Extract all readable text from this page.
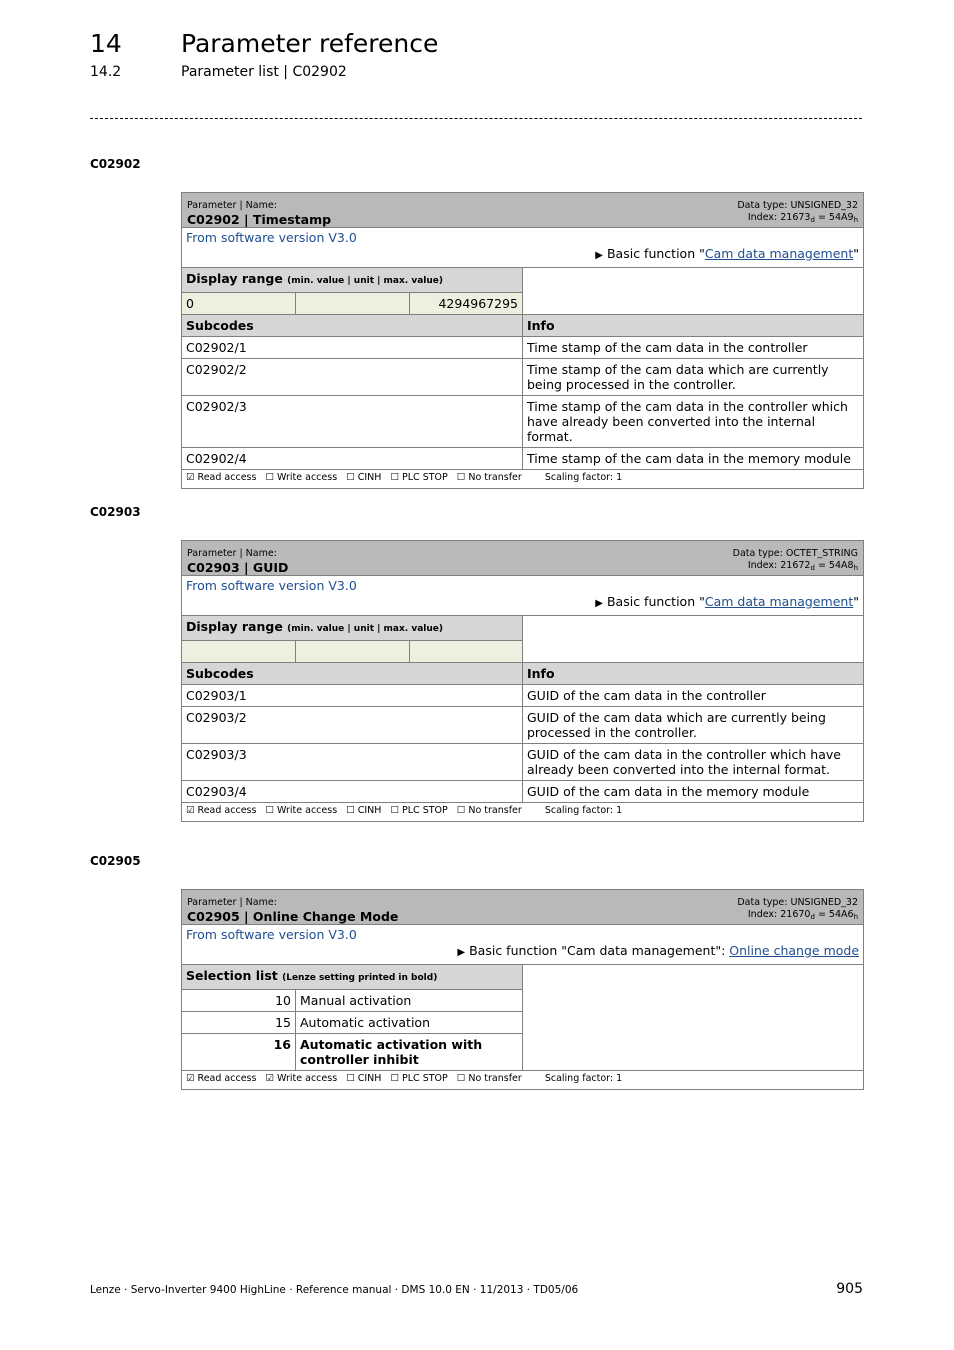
14 Parameter reference
14.2	Parameter list | C02902
C02902
Parameter | Name:
C02902 | Timestamp
Data type: UNSIGNED_32
Index: $21673_d = 54A9_h$

From software version V3.0
▶ Basic function "Cam data management"			

Display range (min. value | unit | max. value)			
0		4294967295	
Subcodes			Info
C02902/1			Time stamp of the cam data in the controller
C02902/2			Time stamp of the cam data which are currently being processed in the controller.
C02902/3			Time stamp of the cam data in the controller which have already been converted into the internal format.
C02902/4			Time stamp of the cam data in the memory module
☑ Read access   ☐ Write access   ☐ CINH   ☐ PLC STOP   ☐ No transfer Scaling factor: 1			
C02903
Parameter | Name:
C02903 | GUID
Data type: OCTET_STRING
Index: $21672_d = 54A8_h$

From software version V3.0
▶ Basic function "Cam data management"			

Display range (min. value | unit | max. value)			

Subcodes			Info
C02903/1			GUID of the cam data in the controller
C02903/2			GUID of the cam data which are currently being processed in the controller.
C02903/3			GUID of the cam data in the controller which have already been converted into the internal format.
C02903/4			GUID of the cam data in the memory module
☑ Read access   ☐ Write access   ☐ CINH   ☐ PLC STOP   ☐ No transfer Scaling factor: 1			
C02905
Parameter | Name:
C02905 | Online Change Mode
Data type: UNSIGNED_32
Index: $21670_d = 54A6_h$

From software version V3.0
▶ Basic function "Cam data management": Online change mode		

Selection list (Lenze setting printed in bold)		
10	Manual activation	
15	Automatic activation	
16	Automatic activation with controller inhibit	
☑ Read access   ☑ Write access   ☐ CINH   ☐ PLC STOP   ☐ No transfer Scaling factor: 1		
Lenze · Servo-Inverter 9400 HighLine · Reference manual · DMS 10.0 EN · 11/2013 · TD05/06	905
